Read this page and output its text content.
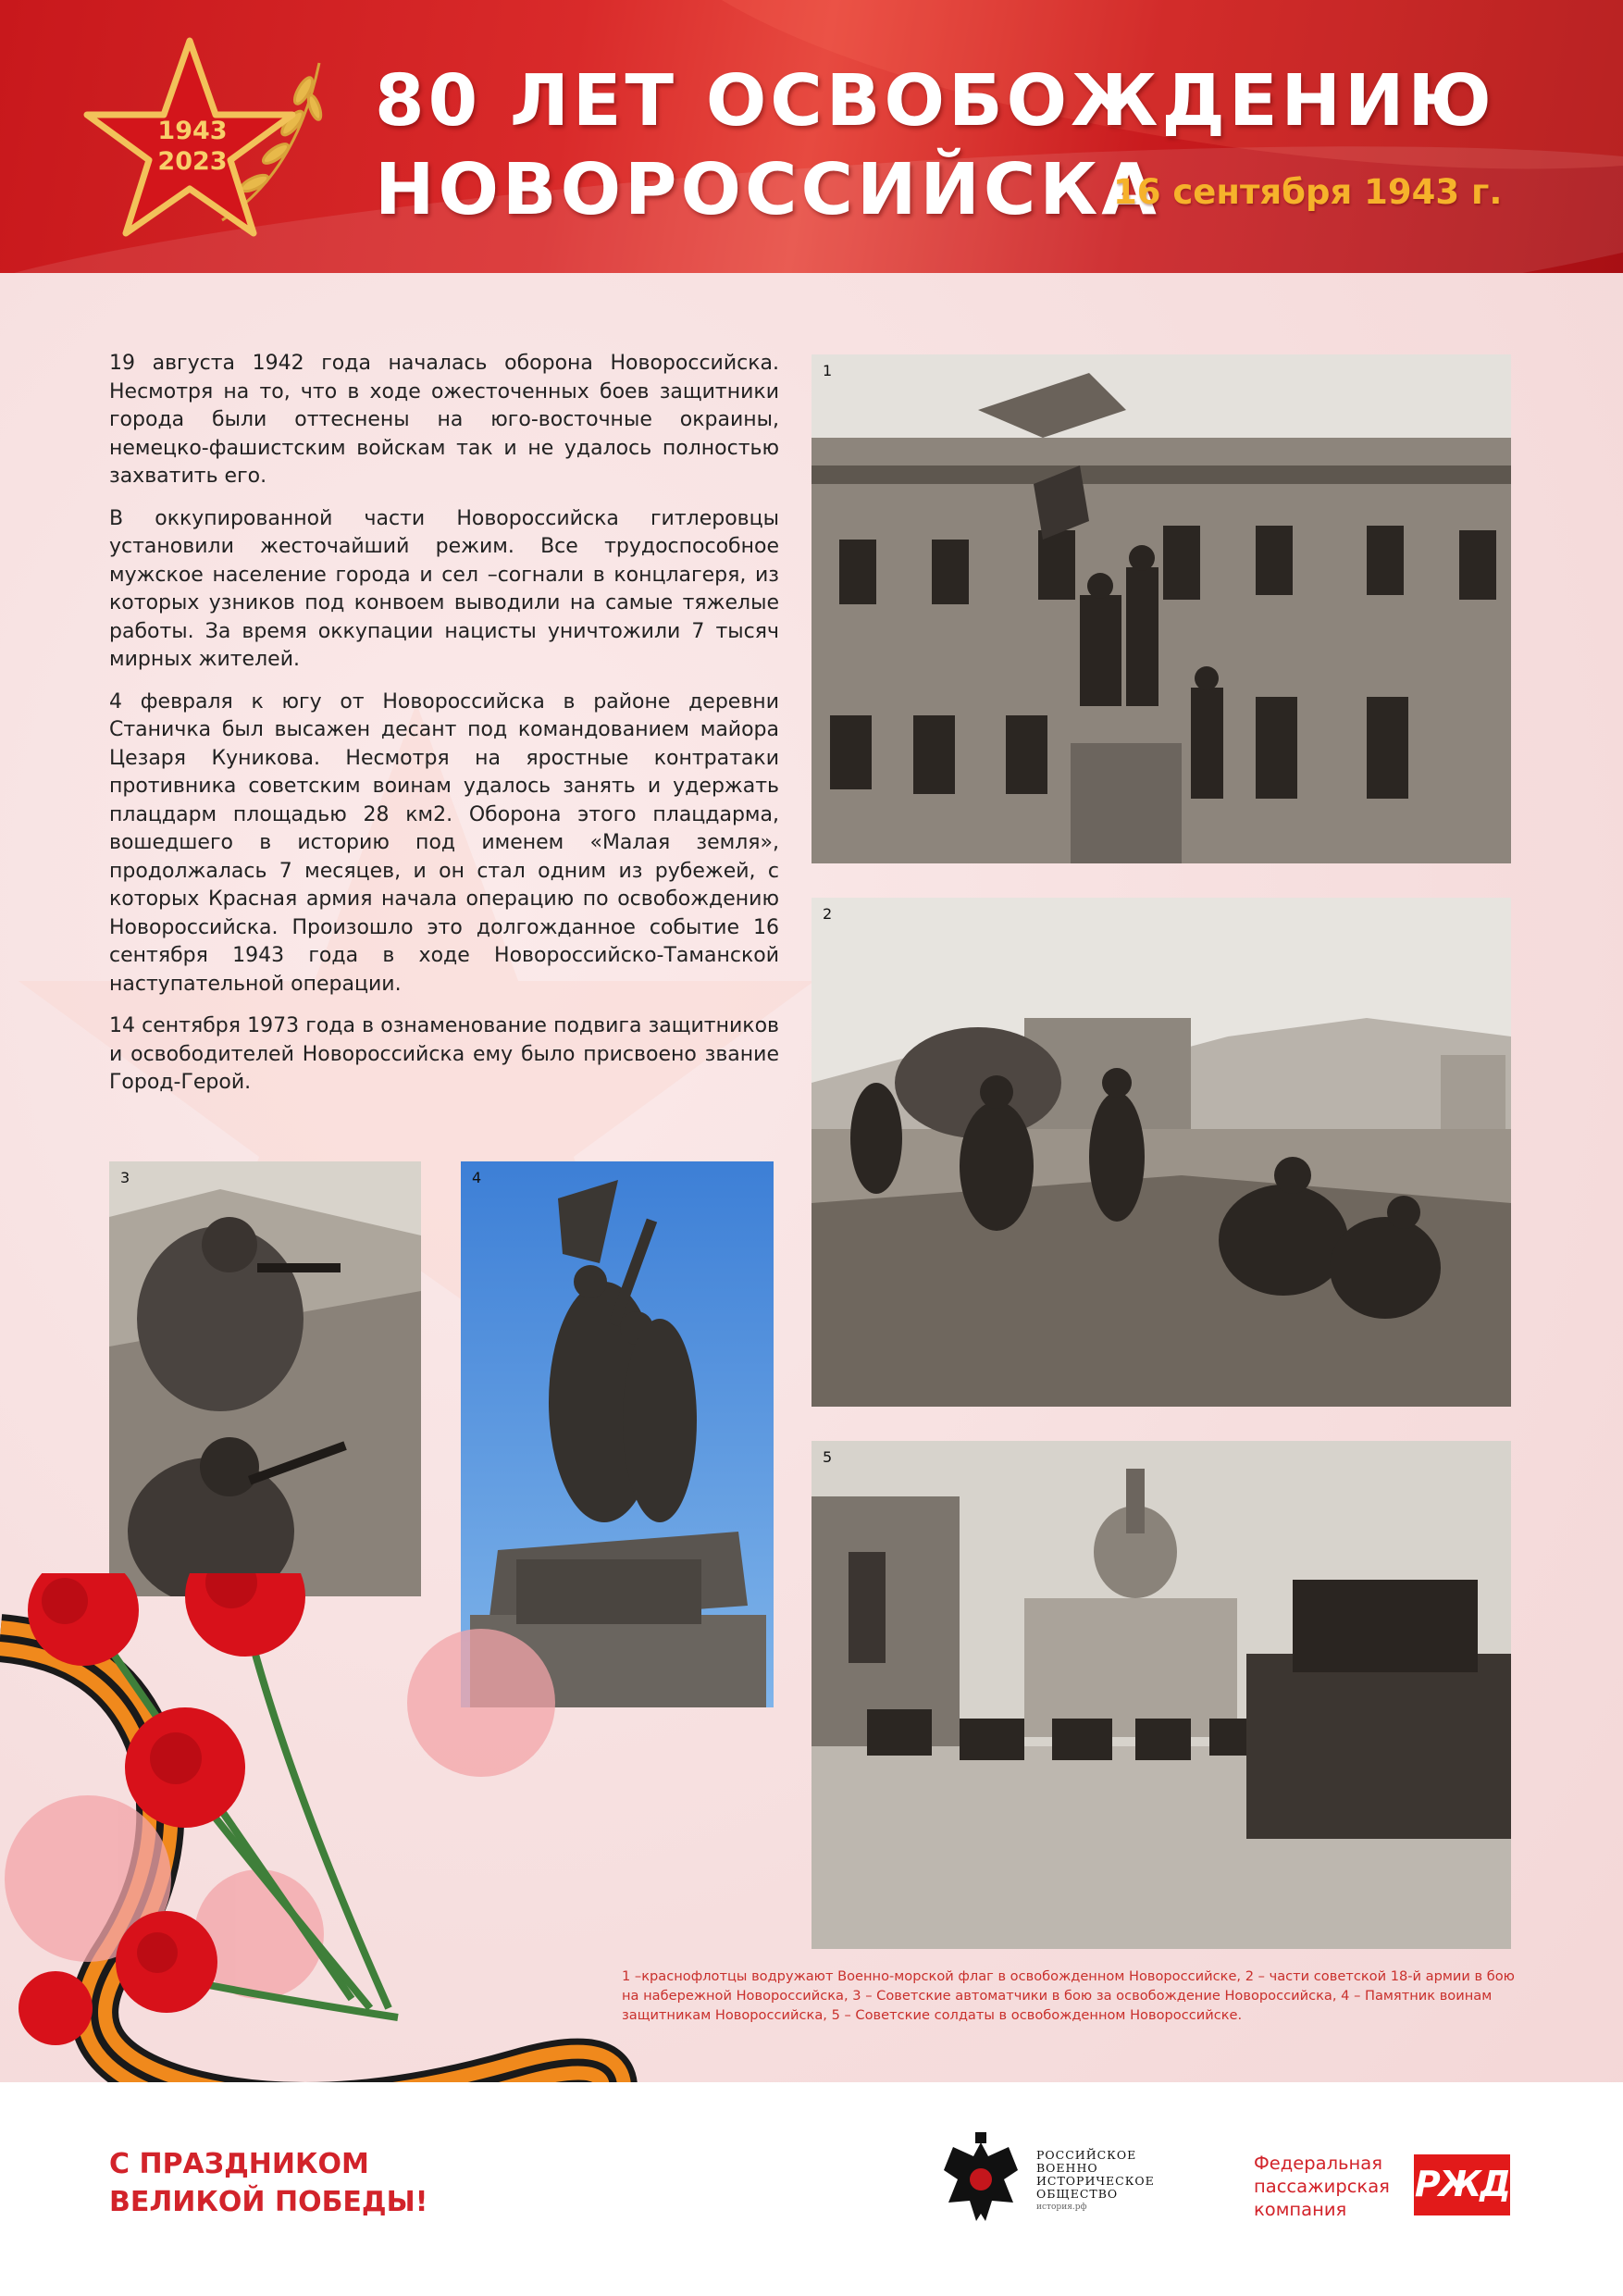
1943
2023
80 ЛЕТ ОСВОБОЖДЕНИЮ
НОВОРОССИЙСКА
16 сентября 1943 г.

19 августа 1942 года началась оборона Новороссийска. Несмотря на то, что в ходе ожесточенных боев защитники города были оттеснены на юго-восточные окраины, немецко-фашистским войскам так и не удалось полностью захватить его.

В оккупированной части Новороссийска гитлеровцы установили жесточайший режим. Все трудоспособное мужское население города и сел –согнали в концлагеря, из которых узников под конвоем выводили на самые тяжелые работы. За время оккупации нацисты уничтожили 7 тысяч мирных жителей.

4 февраля к югу от Новороссийска в районе деревни Станичка был высажен десант под командованием майора Цезаря Куникова. Несмотря на яростные контратаки противника советским воинам удалось занять и удержать плацдарм площадью 28 км2. Оборона этого плацдарма, вошедшего в историю под именем «Малая земля», продолжалась 7 месяцев, и он стал одним из рубежей, с которых Красная армия начала операцию по освобождению Новороссийска. Произошло это долгожданное событие 16 сентября 1943 года в ходе Новороссийско-Таманской наступательной операции.

14 сентября 1973 года в ознаменование подвига защитников и освободителей Новороссийска ему было присвоено звание Город-Герой.

1
2
5
3	4
1 –краснофлотцы водружают Военно-морской флаг в освобожденном Новороссийске, 2 – части советской 18-й армии в бою на набережной Новороссийска, 3 – Советские автоматчики в бою за освобождение Новороссийска, 4 – Памятник воинам защитникам Новороссийска, 5 – Советские солдаты в освобожденном Новороссийске.
С ПРАЗДНИКОМ
ВЕЛИКОЙ ПОБЕДЫ!
РОССИЙСКОЕ
ВОЕННО
ИСТОРИЧЕСКОЕ
ОБЩЕСТВО
история.рф
Федеральная
пассажирская
компания
РЖД
